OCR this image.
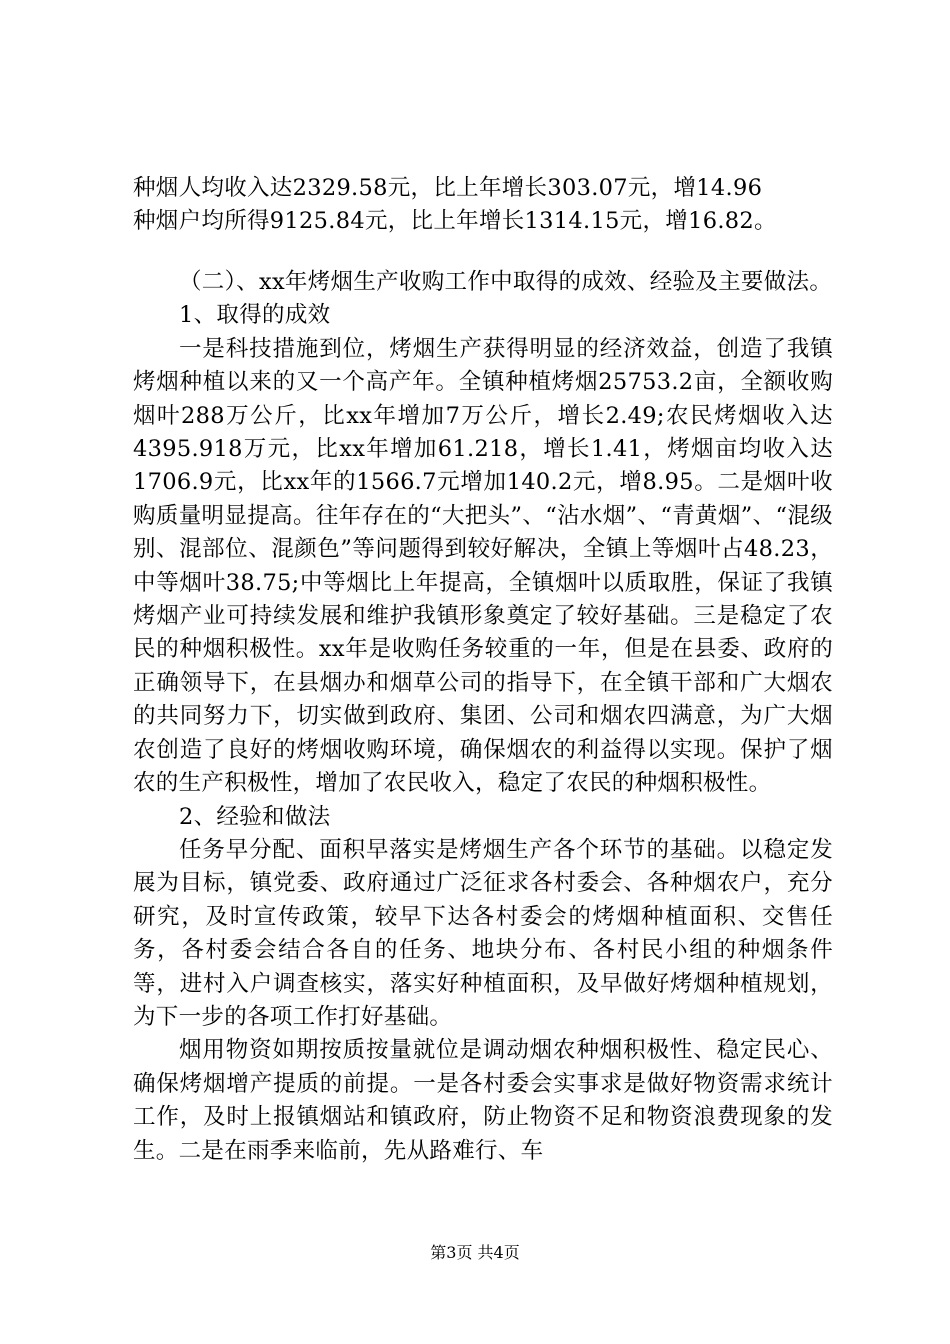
种烟人均收入达2329.58元，比上年增长303.07元，增14.96

种烟户均所得9125.84元，比上年增长1314.15元，增16.82。

（二）、xx年烤烟生产收购工作中取得的成效、经验及主要做法。

1、取得的成效

一是科技措施到位，烤烟生产获得明显的经济效益，创造了我镇烤烟种植以来的又一个高产年。全镇种植烤烟25753.2亩，全额收购烟叶288万公斤，比xx年增加7万公斤，增长2.49;农民烤烟收入达4395.918万元，比xx年增加61.218，增长1.41，烤烟亩均收入达1706.9元，比xx年的1566.7元增加140.2元，增8.95。二是烟叶收购质量明显提高。往年存在的“大把头”、“沾水烟”、“青黄烟”、“混级别、混部位、混颜色”等问题得到较好解决，全镇上等烟叶占48.23，中等烟叶38.75;中等烟比上年提高，全镇烟叶以质取胜，保证了我镇烤烟产业可持续发展和维护我镇形象奠定了较好基础。三是稳定了农民的种烟积极性。xx年是收购任务较重的一年，但是在县委、政府的正确领导下，在县烟办和烟草公司的指导下，在全镇干部和广大烟农的共同努力下，切实做到政府、集团、公司和烟农四满意，为广大烟农创造了良好的烤烟收购环境，确保烟农的利益得以实现。保护了烟农的生产积极性，增加了农民收入，稳定了农民的种烟积极性。

2、经验和做法

任务早分配、面积早落实是烤烟生产各个环节的基础。以稳定发展为目标，镇党委、政府通过广泛征求各村委会、各种烟农户，充分研究，及时宣传政策，较早下达各村委会的烤烟种植面积、交售任务，各村委会结合各自的任务、地块分布、各村民小组的种烟条件等，进村入户调查核实，落实好种植面积，及早做好烤烟种植规划，为下一步的各项工作打好基础。

烟用物资如期按质按量就位是调动烟农种烟积极性、稳定民心、确保烤烟增产提质的前提。一是各村委会实事求是做好物资需求统计工作，及时上报镇烟站和镇政府，防止物资不足和物资浪费现象的发生。二是在雨季来临前，先从路难行、车

第3页 共4页
